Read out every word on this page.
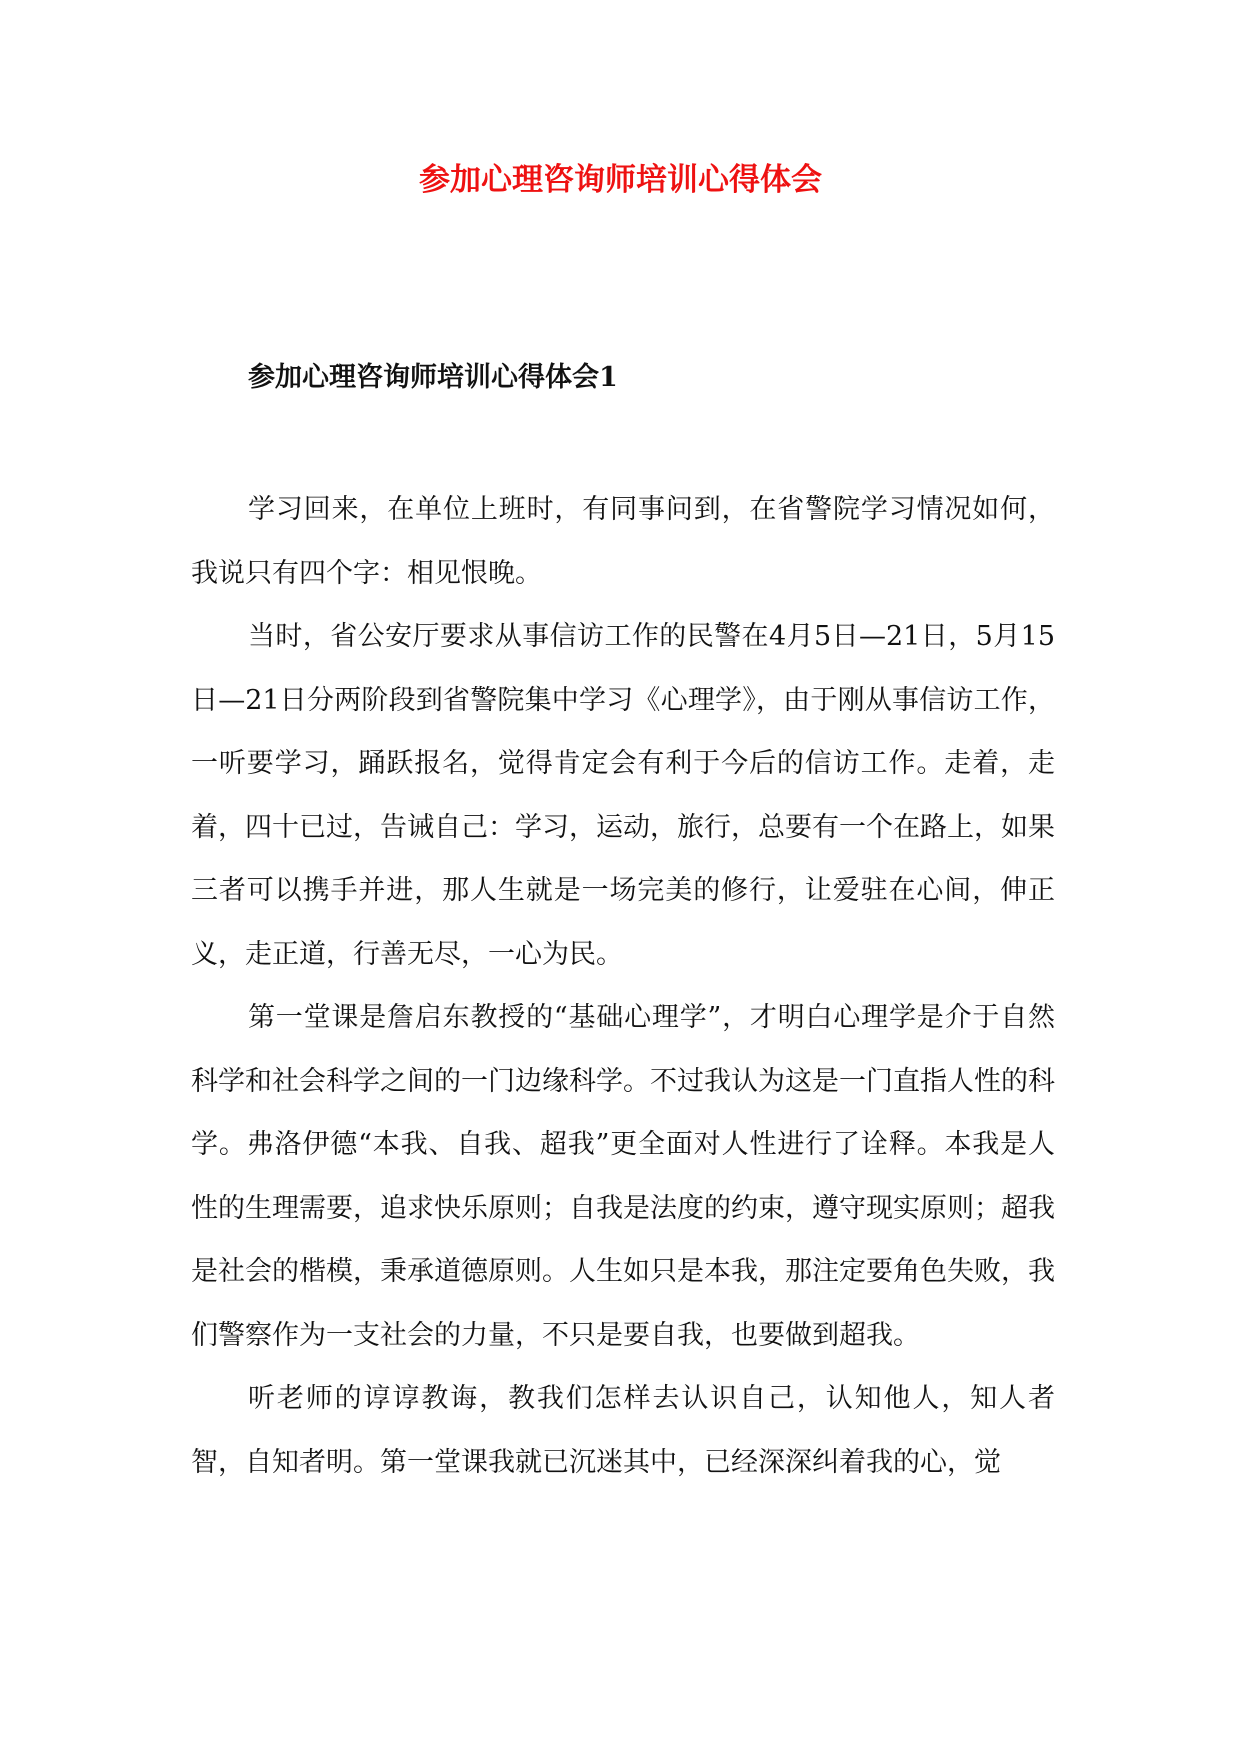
参加心理咨询师培训心得体会
参加心理咨询师培训心得体会1

学习回来，在单位上班时，有同事问到，在省警院学习情况如何，我说只有四个字：相见恨晚。

当时，省公安厅要求从事信访工作的民警在4月5日—21日，5月15日—21日分两阶段到省警院集中学习《心理学》，由于刚从事信访工作，一听要学习，踊跃报名，觉得肯定会有利于今后的信访工作。走着，走着，四十已过，告诫自己：学习，运动，旅行，总要有一个在路上，如果三者可以携手并进，那人生就是一场完美的修行，让爱驻在心间，伸正义，走正道，行善无尽，一心为民。

第一堂课是詹启东教授的“基础心理学”，才明白心理学是介于自然科学和社会科学之间的一门边缘科学。不过我认为这是一门直指人性的科学。弗洛伊德“本我、自我、超我”更全面对人性进行了诠释。本我是人性的生理需要，追求快乐原则；自我是法度的约束，遵守现实原则；超我是社会的楷模，秉承道德原则。人生如只是本我，那注定要角色失败，我们警察作为一支社会的力量，不只是要自我，也要做到超我。

听老师的谆谆教诲，教我们怎样去认识自己，认知他人，知人者智，自知者明。第一堂课我就已沉迷其中，已经深深纠着我的心，觉
